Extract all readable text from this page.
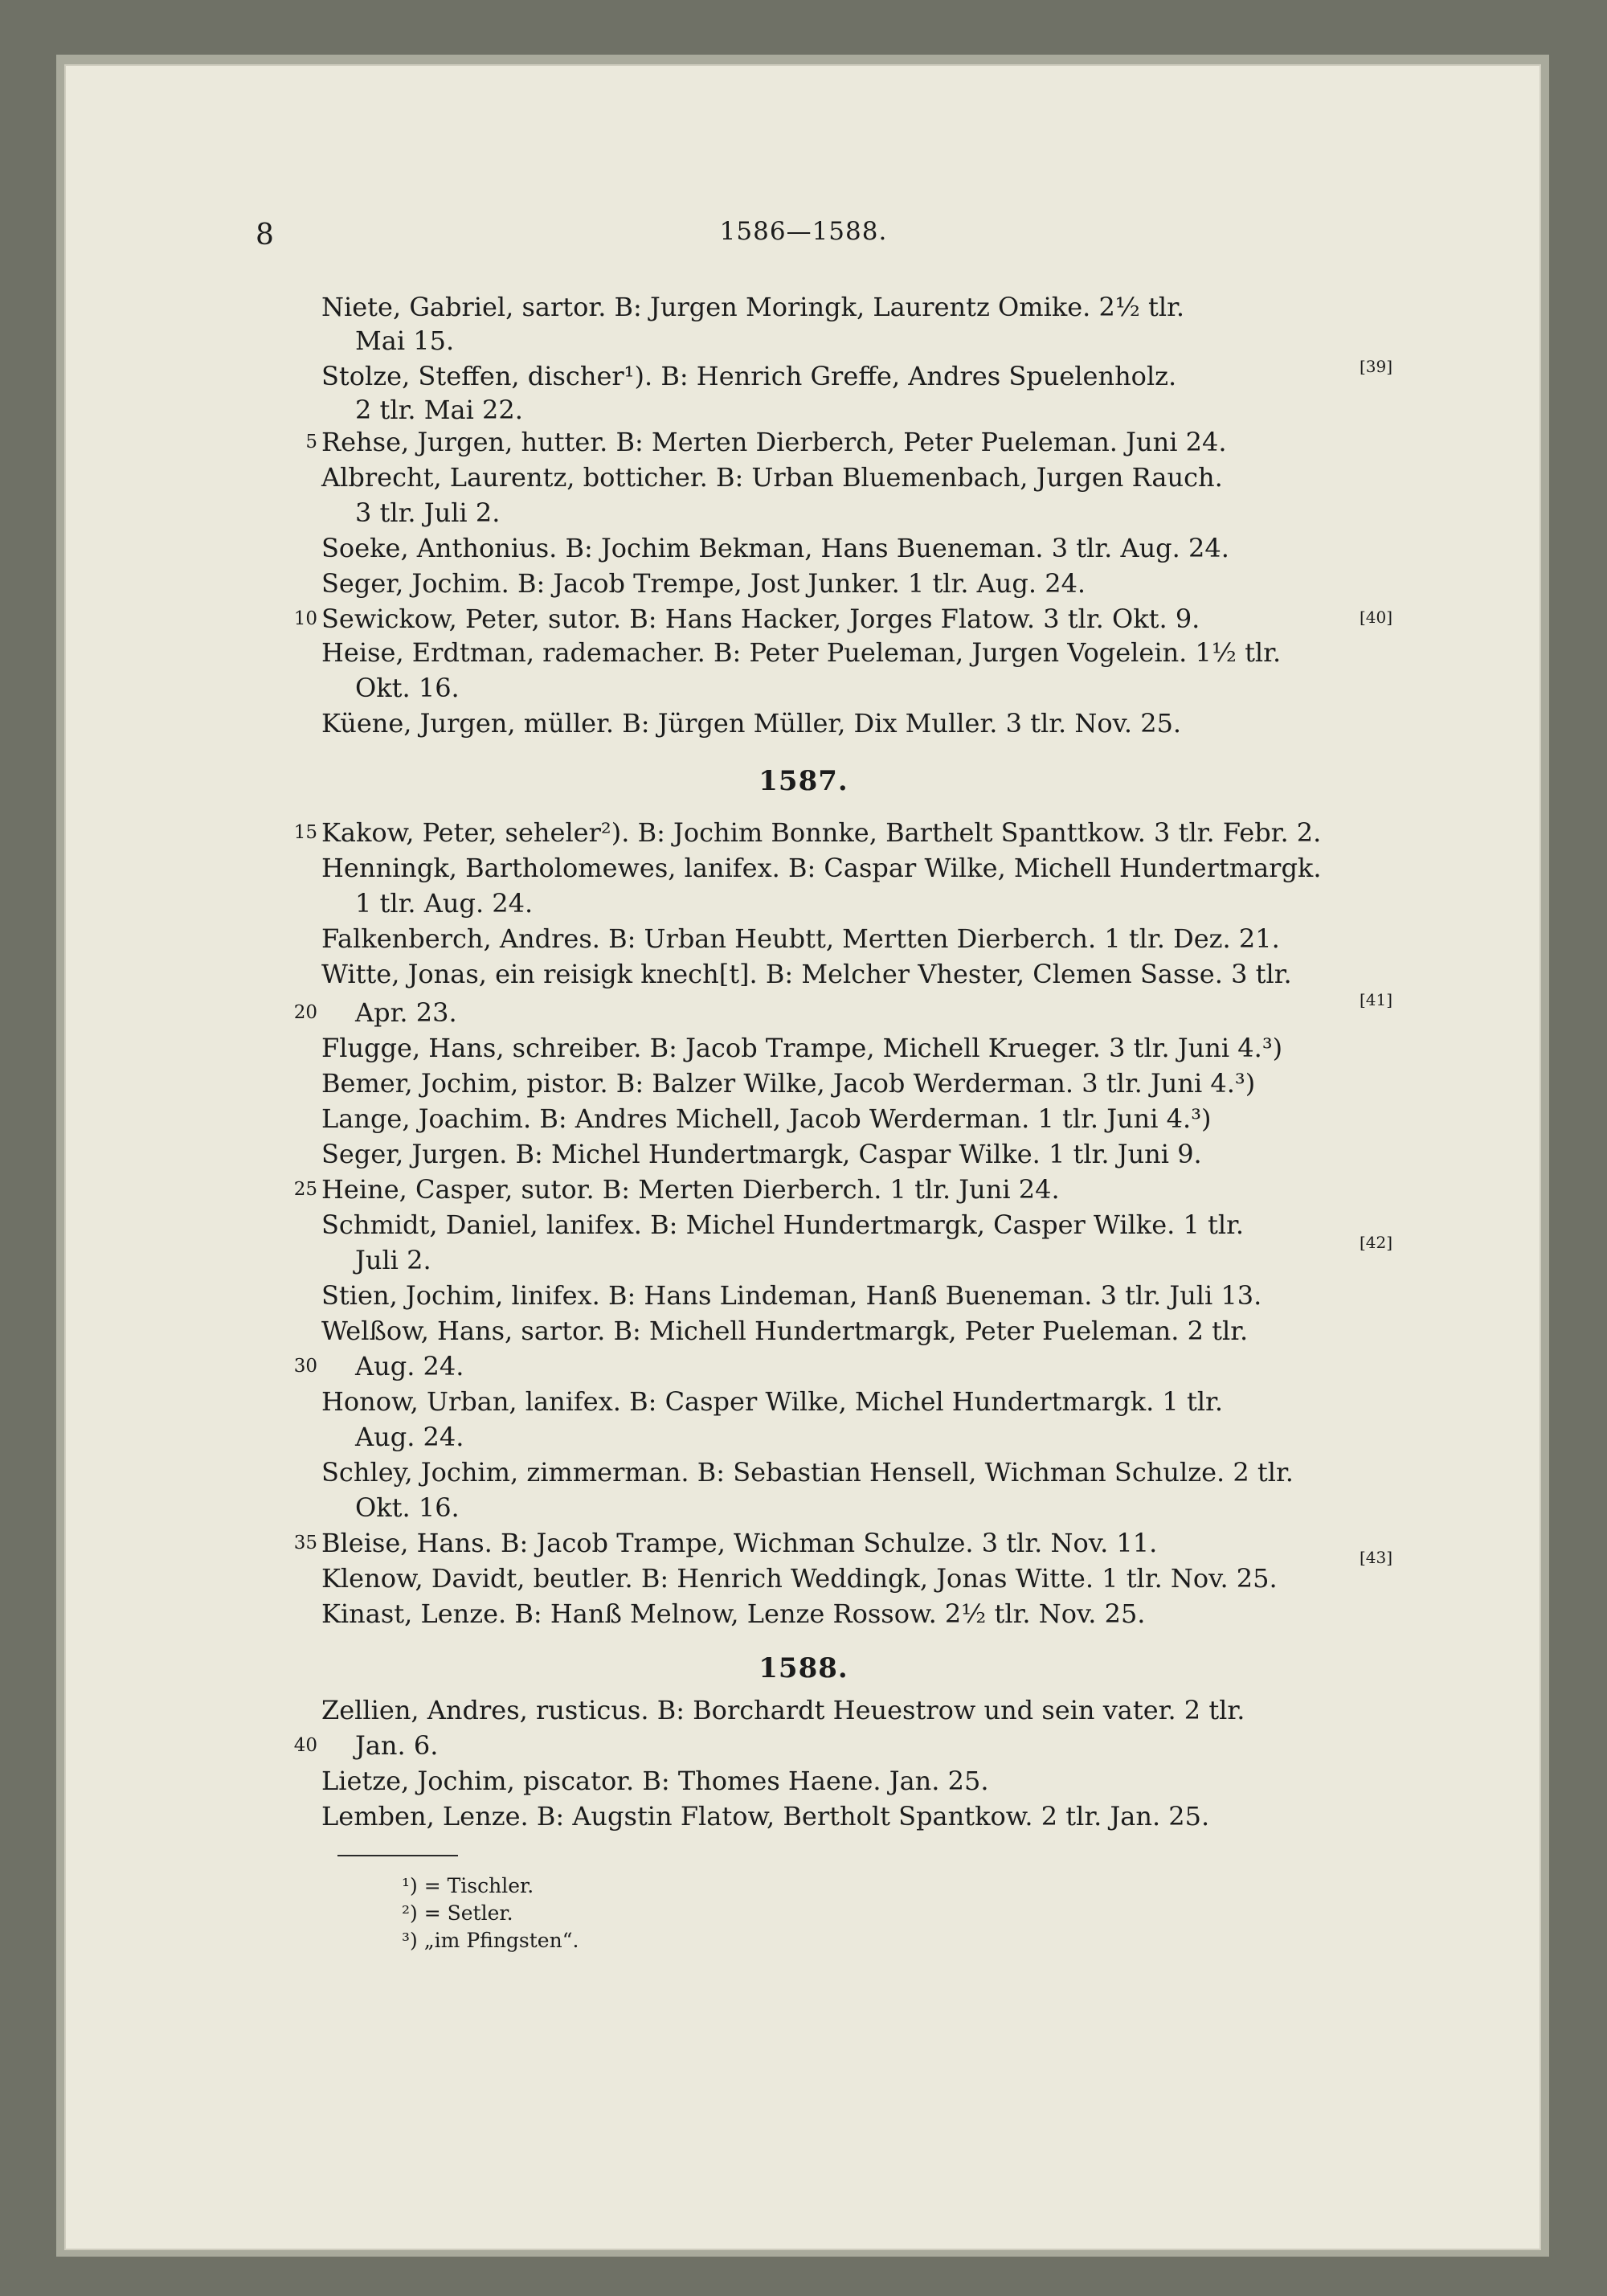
8	1586—1588.
Niete, Gabriel, sartor. B: Jurgen Moringk, Laurentz Omike. 2½ tlr.
Mai 15.
[39]
Stolze, Steffen, discher¹). B: Henrich Greffe, Andres Spuelenholz.
2 tlr. Mai 22.
5 Rehse, Jurgen, hutter. B: Merten Dierberch, Peter Pueleman. Juni 24.
Albrecht, Laurentz, botticher. B: Urban Bluemenbach, Jurgen Rauch.
3 tlr. Juli 2.
Soeke, Anthonius. B: Jochim Bekman, Hans Bueneman. 3 tlr. Aug. 24.
Seger, Jochim. B: Jacob Trempe, Jost Junker. 1 tlr. Aug. 24.
10 Sewickow, Peter, sutor. B: Hans Hacker, Jorges Flatow. 3 tlr. Okt. 9.	[40]
Heise, Erdtman, rademacher. B: Peter Pueleman, Jurgen Vogelein. 1½ tlr.
Okt. 16.
Küene, Jurgen, müller. B: Jürgen Müller, Dix Muller. 3 tlr. Nov. 25.
1587.
15 Kakow, Peter, seheler²). B: Jochim Bonnke, Barthelt Spanttkow. 3 tlr. Febr. 2.
Henningk, Bartholomewes, lanifex. B: Caspar Wilke, Michell Hundertmargk.
1 tlr. Aug. 24.
Falkenberch, Andres. B: Urban Heubtt, Mertten Dierberch. 1 tlr. Dez. 21.
Witte, Jonas, ein reisigk knech[t]. B: Melcher Vhester, Clemen Sasse. 3 tlr.
20 Apr. 23.	[41]
Flugge, Hans, schreiber. B: Jacob Trampe, Michell Krueger. 3 tlr. Juni 4.³)
Bemer, Jochim, pistor. B: Balzer Wilke, Jacob Werderman. 3 tlr. Juni 4.³)
Lange, Joachim. B: Andres Michell, Jacob Werderman. 1 tlr. Juni 4.³)
Seger, Jurgen. B: Michel Hundertmargk, Caspar Wilke. 1 tlr. Juni 9.
25 Heine, Casper, sutor. B: Merten Dierberch. 1 tlr. Juni 24.
Schmidt, Daniel, lanifex. B: Michel Hundertmargk, Casper Wilke. 1 tlr.
Juli 2.
[42]
Stien, Jochim, linifex. B: Hans Lindeman, Hanß Bueneman. 3 tlr. Juli 13.
Welßow, Hans, sartor. B: Michell Hundertmargk, Peter Pueleman. 2 tlr.
30 Aug. 24.
Honow, Urban, lanifex. B: Casper Wilke, Michel Hundertmargk. 1 tlr.
Aug. 24.
Schley, Jochim, zimmerman. B: Sebastian Hensell, Wichman Schulze. 2 tlr.
Okt. 16.
35 Bleise, Hans. B: Jacob Trampe, Wichman Schulze. 3 tlr. Nov. 11.
Klenow, Davidt, beutler. B: Henrich Weddingk, Jonas Witte. 1 tlr. Nov. 25.
[43]
Kinast, Lenze. B: Hanß Melnow, Lenze Rossow. 2½ tlr. Nov. 25.
1588.
Zellien, Andres, rusticus. B: Borchardt Heuestrow und sein vater. 2 tlr.
40 Jan. 6.
Lietze, Jochim, piscator. B: Thomes Haene. Jan. 25.
Lemben, Lenze. B: Augstin Flatow, Bertholt Spantkow. 2 tlr. Jan. 25.
¹) = Tischler.
²) = Setler.
³) „im Pfingsten“.
